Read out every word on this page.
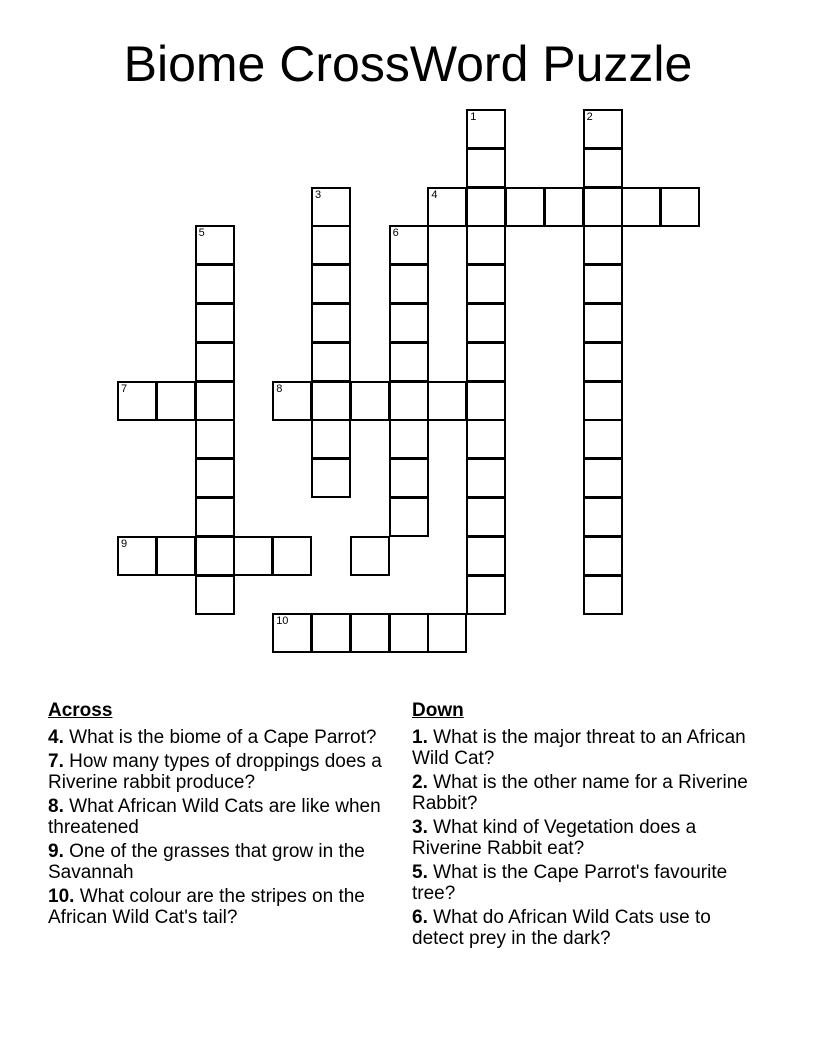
Biome CrossWord Puzzle
1	2
3	4
5	6
7	8
9
10
Across
4. What is the biome of a Cape Parrot?
7. How many types of droppings does a Riverine rabbit produce?
8. What African Wild Cats are like when threatened
9. One of the grasses that grow in the Savannah
10. What colour are the stripes on the African Wild Cat's tail?
Down
1. What is the major threat to an African Wild Cat?
2. What is the other name for a Riverine Rabbit?
3. What kind of Vegetation does a Riverine Rabbit eat?
5. What is the Cape Parrot's favourite tree?
6. What do African Wild Cats use to detect prey in the dark?
